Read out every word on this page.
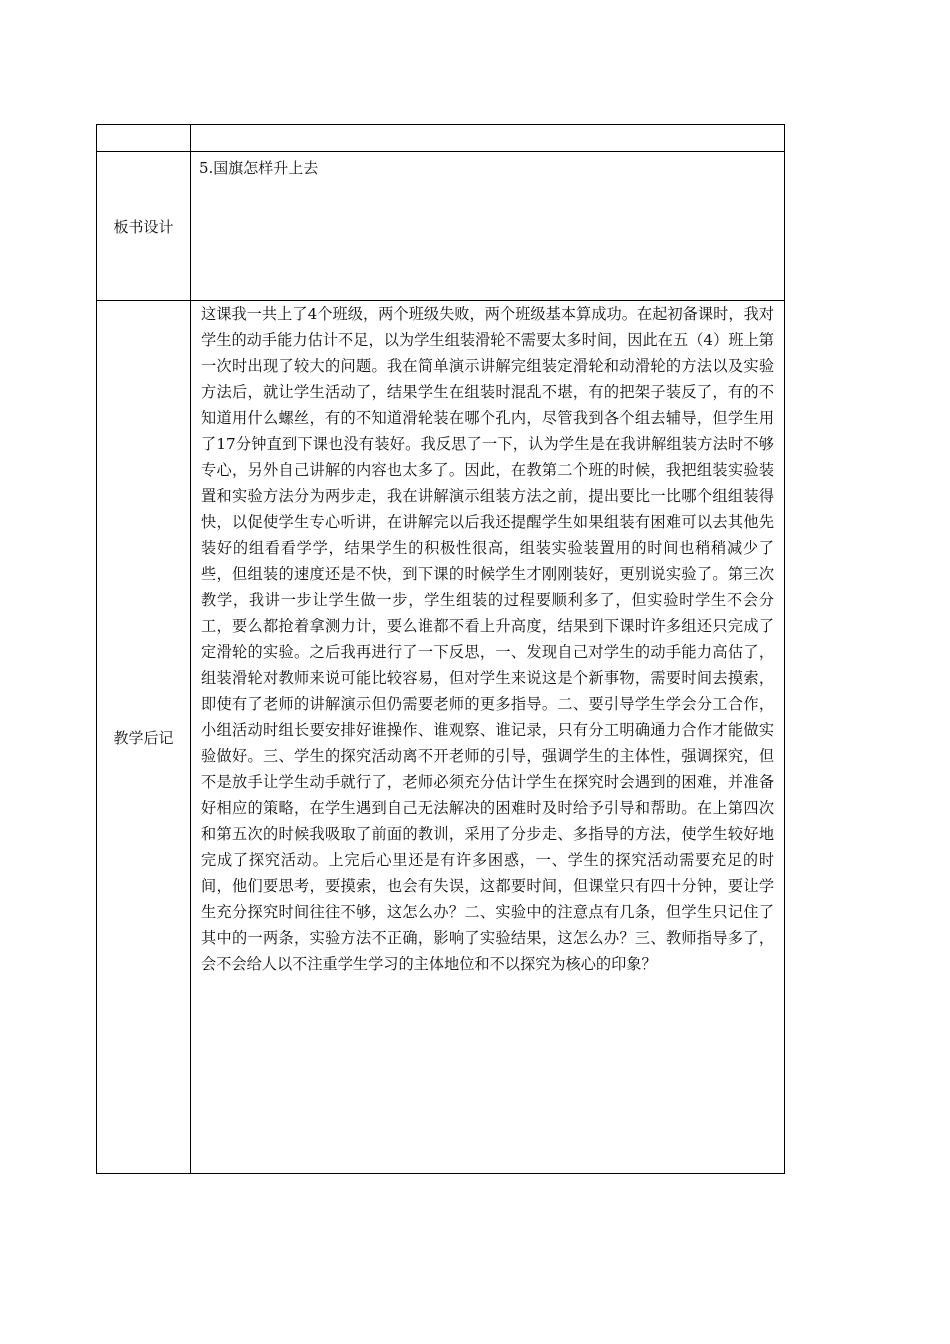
板书设计	5.国旗怎样升上去

教学后记	这课我一共上了4个班级，两个班级失败，两个班级基本算成功。在起初备课时，我对学生的动手能力估计不足，以为学生组装滑轮不需要太多时间，因此在五（4）班上第一次时出现了较大的问题。我在简单演示讲解完组装定滑轮和动滑轮的方法以及实验方法后，就让学生活动了，结果学生在组装时混乱不堪，有的把架子装反了，有的不知道用什么螺丝，有的不知道滑轮装在哪个孔内，尽管我到各个组去辅导，但学生用了17分钟直到下课也没有装好。我反思了一下，认为学生是在我讲解组装方法时不够专心，另外自己讲解的内容也太多了。因此，在教第二个班的时候，我把组装实验装置和实验方法分为两步走，我在讲解演示组装方法之前，提出要比一比哪个组组装得快，以促使学生专心听讲，在讲解完以后我还提醒学生如果组装有困难可以去其他先装好的组看看学学，结果学生的积极性很高，组装实验装置用的时间也稍稍减少了些，但组装的速度还是不快，到下课的时候学生才刚刚装好，更别说实验了。第三次教学，我讲一步让学生做一步，学生组装的过程要顺利多了，但实验时学生不会分工，要么都抢着拿测力计，要么谁都不看上升高度，结果到下课时许多组还只完成了定滑轮的实验。之后我再进行了一下反思，一、发现自己对学生的动手能力高估了，组装滑轮对教师来说可能比较容易，但对学生来说这是个新事物，需要时间去摸索，即使有了老师的讲解演示但仍需要老师的更多指导。二、要引导学生学会分工合作，小组活动时组长要安排好谁操作、谁观察、谁记录，只有分工明确通力合作才能做实验做好。三、学生的探究活动离不开老师的引导，强调学生的主体性，强调探究，但不是放手让学生动手就行了，老师必须充分估计学生在探究时会遇到的困难，并准备好相应的策略，在学生遇到自己无法解决的困难时及时给予引导和帮助。在上第四次和第五次的时候我吸取了前面的教训，采用了分步走、多指导的方法，使学生较好地完成了探究活动。上完后心里还是有许多困惑，一、学生的探究活动需要充足的时间，他们要思考，要摸索，也会有失误，这都要时间，但课堂只有四十分钟，要让学生充分探究时间往往不够，这怎么办？二、实验中的注意点有几条，但学生只记住了其中的一两条，实验方法不正确，影响了实验结果，这怎么办？三、教师指导多了，会不会给人以不注重学生学习的主体地位和不以探究为核心的印象？
